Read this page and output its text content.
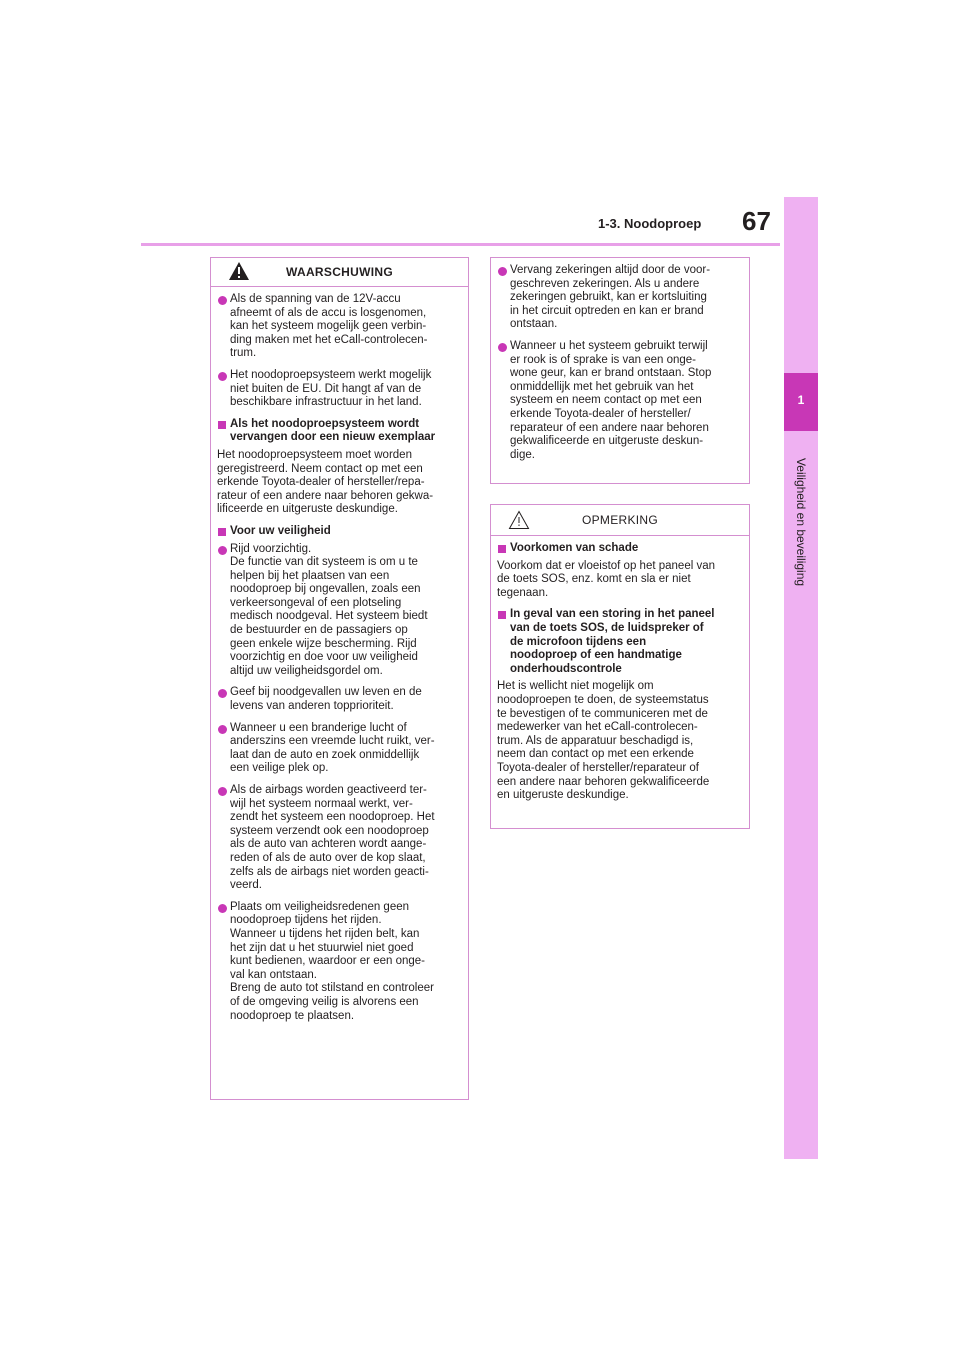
1-3. Noodoproep 67
1
Veiligheid en beveiliging
WAARSCHUWING
Als de spanning van de 12V-accu
afneemt of als de accu is losgenomen,
kan het systeem mogelijk geen verbin-
ding maken met het eCall-controlecen-
trum.
Het noodoproepsysteem werkt mogelijk
niet buiten de EU. Dit hangt af van de
beschikbare infrastructuur in het land.
Als het noodoproepsysteem wordt
vervangen door een nieuw exemplaar
Het noodoproepsysteem moet worden
geregistreerd. Neem contact op met een
erkende Toyota-dealer of hersteller/repa-
rateur of een andere naar behoren gekwa-
lificeerde en uitgeruste deskundige.
Voor uw veiligheid
Rijd voorzichtig.
De functie van dit systeem is om u te
helpen bij het plaatsen van een
noodoproep bij ongevallen, zoals een
verkeersongeval of een plotseling
medisch noodgeval. Het systeem biedt
de bestuurder en de passagiers op
geen enkele wijze bescherming. Rijd
voorzichtig en doe voor uw veiligheid
altijd uw veiligheidsgordel om.
Geef bij noodgevallen uw leven en de
levens van anderen topprioriteit.
Wanneer u een branderige lucht of
anderszins een vreemde lucht ruikt, ver-
laat dan de auto en zoek onmiddellijk
een veilige plek op.
Als de airbags worden geactiveerd ter-
wijl het systeem normaal werkt, ver-
zendt het systeem een noodoproep. Het
systeem verzendt ook een noodoproep
als de auto van achteren wordt aange-
reden of als de auto over de kop slaat,
zelfs als de airbags niet worden geacti-
veerd.
Plaats om veiligheidsredenen geen
noodoproep tijdens het rijden.
Wanneer u tijdens het rijden belt, kan
het zijn dat u het stuurwiel niet goed
kunt bedienen, waardoor er een onge-
val kan ontstaan.
Breng de auto tot stilstand en controleer
of de omgeving veilig is alvorens een
noodoproep te plaatsen.
Vervang zekeringen altijd door de voor-
geschreven zekeringen. Als u andere
zekeringen gebruikt, kan er kortsluiting
in het circuit optreden en kan er brand
ontstaan.
Wanneer u het systeem gebruikt terwijl
er rook is of sprake is van een onge-
wone geur, kan er brand ontstaan. Stop
onmiddellijk met het gebruik van het
systeem en neem contact op met een
erkende Toyota-dealer of hersteller/
reparateur of een andere naar behoren
gekwalificeerde en uitgeruste deskun-
dige.
OPMERKING
Voorkomen van schade
Voorkom dat er vloeistof op het paneel van
de toets SOS, enz. komt en sla er niet
tegenaan.
In geval van een storing in het paneel
van de toets SOS, de luidspreker of
de microfoon tijdens een
noodoproep of een handmatige
onderhoudscontrole
Het is wellicht niet mogelijk om
noodoproepen te doen, de systeemstatus
te bevestigen of te communiceren met de
medewerker van het eCall-controlecen-
trum. Als de apparatuur beschadigd is,
neem dan contact op met een erkende
Toyota-dealer of hersteller/reparateur of
een andere naar behoren gekwalificeerde
en uitgeruste deskundige.
